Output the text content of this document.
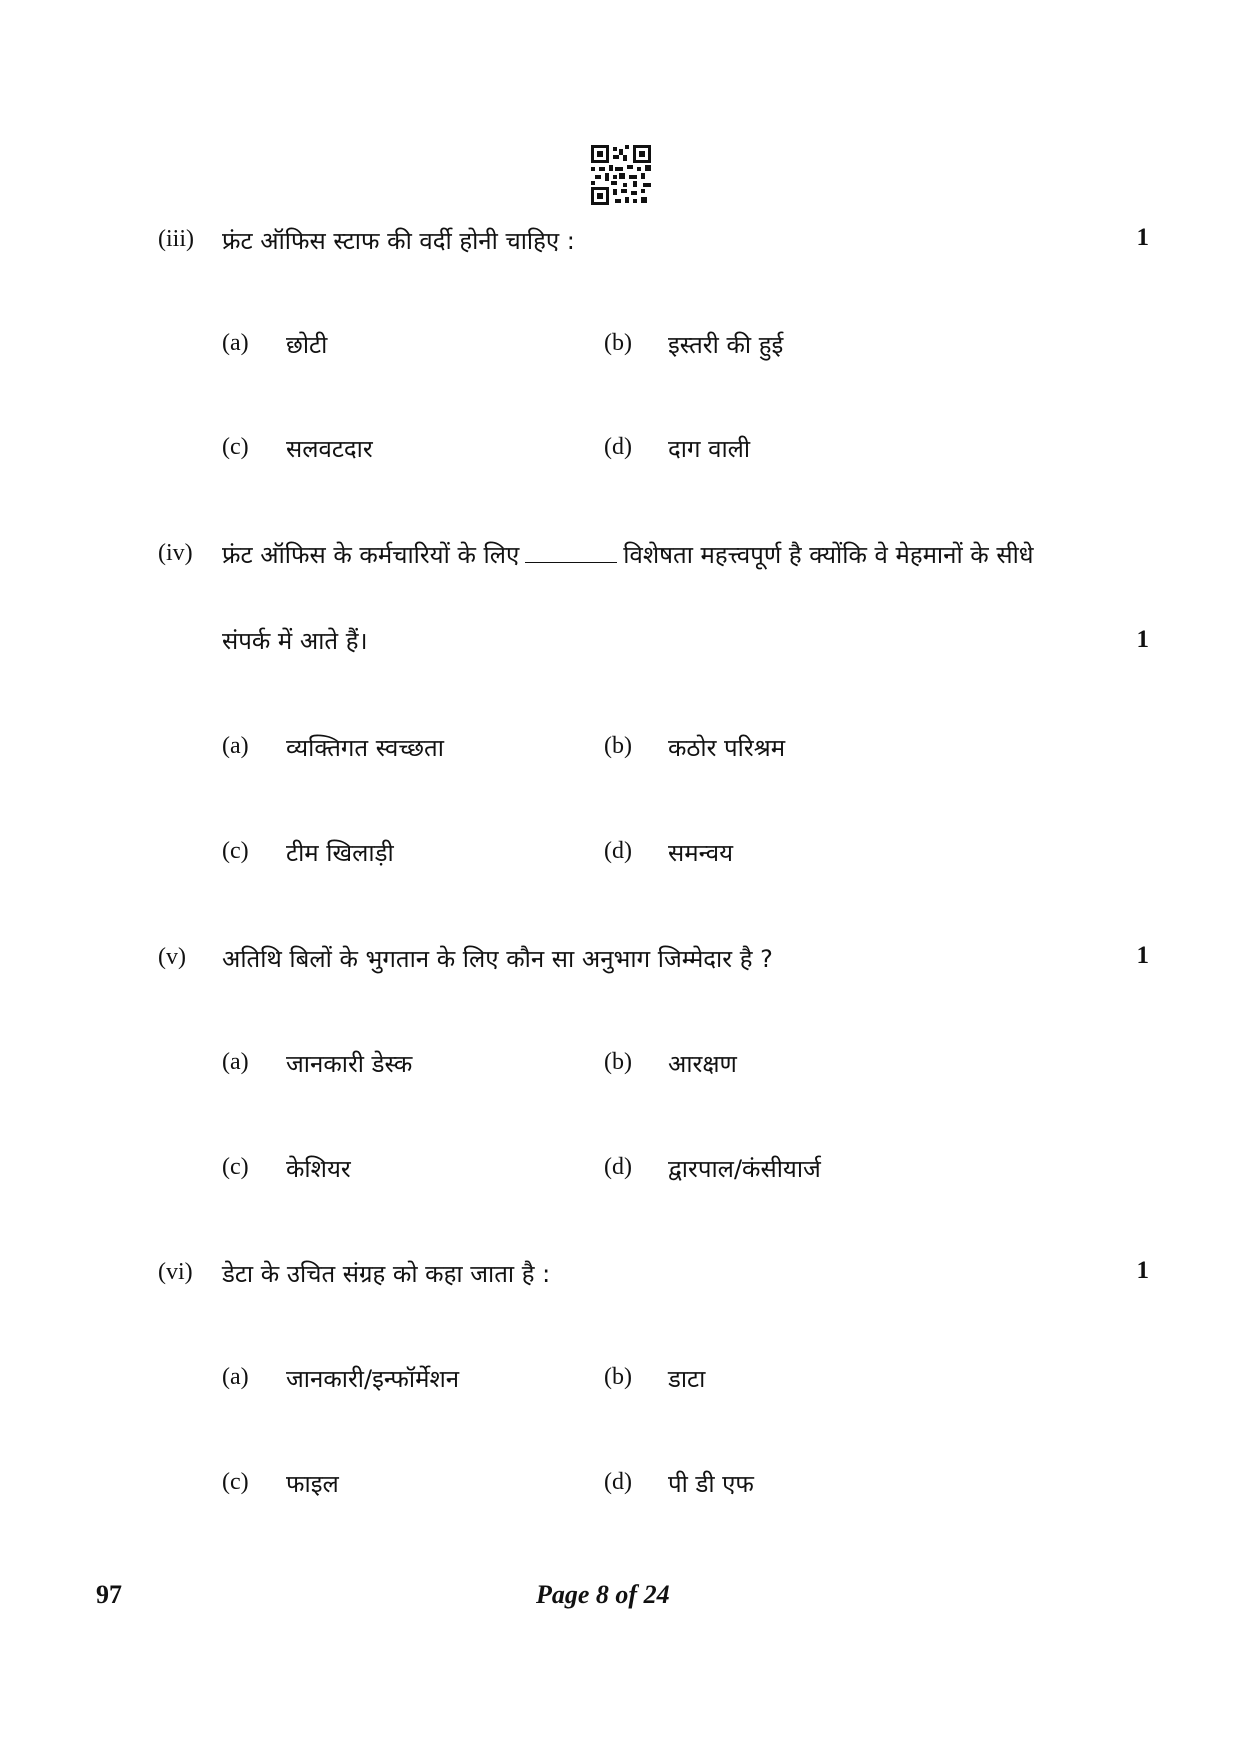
(iii) फ्रंट ऑफिस स्टाफ की वर्दी होनी चाहिए :	1
(a) छोटी	(b) इस्तरी की हुई
(c) सलवटदार	(d) दाग वाली
(iv) फ्रंट ऑफिस के कर्मचारियों के लिए	विशेषता महत्त्वपूर्ण है क्योंकि वे मेहमानों के सीधे
संपर्क में आते हैं।	1
(a) व्यक्तिगत स्वच्छता	(b) कठोर परिश्रम
(c) टीम खिलाड़ी	(d) समन्वय
(v) अतिथि बिलों के भुगतान के लिए कौन सा अनुभाग जिम्मेदार है ?	1
(a) जानकारी डेस्क	(b) आरक्षण
(c) केशियर	(d) द्वारपाल/कंसीयार्ज
(vi) डेटा के उचित संग्रह को कहा जाता है :	1
(a) जानकारी/इन्फॉर्मेशन	(b) डाटा
(c) फाइल	(d) पी डी एफ
97	Page 8 of 24
